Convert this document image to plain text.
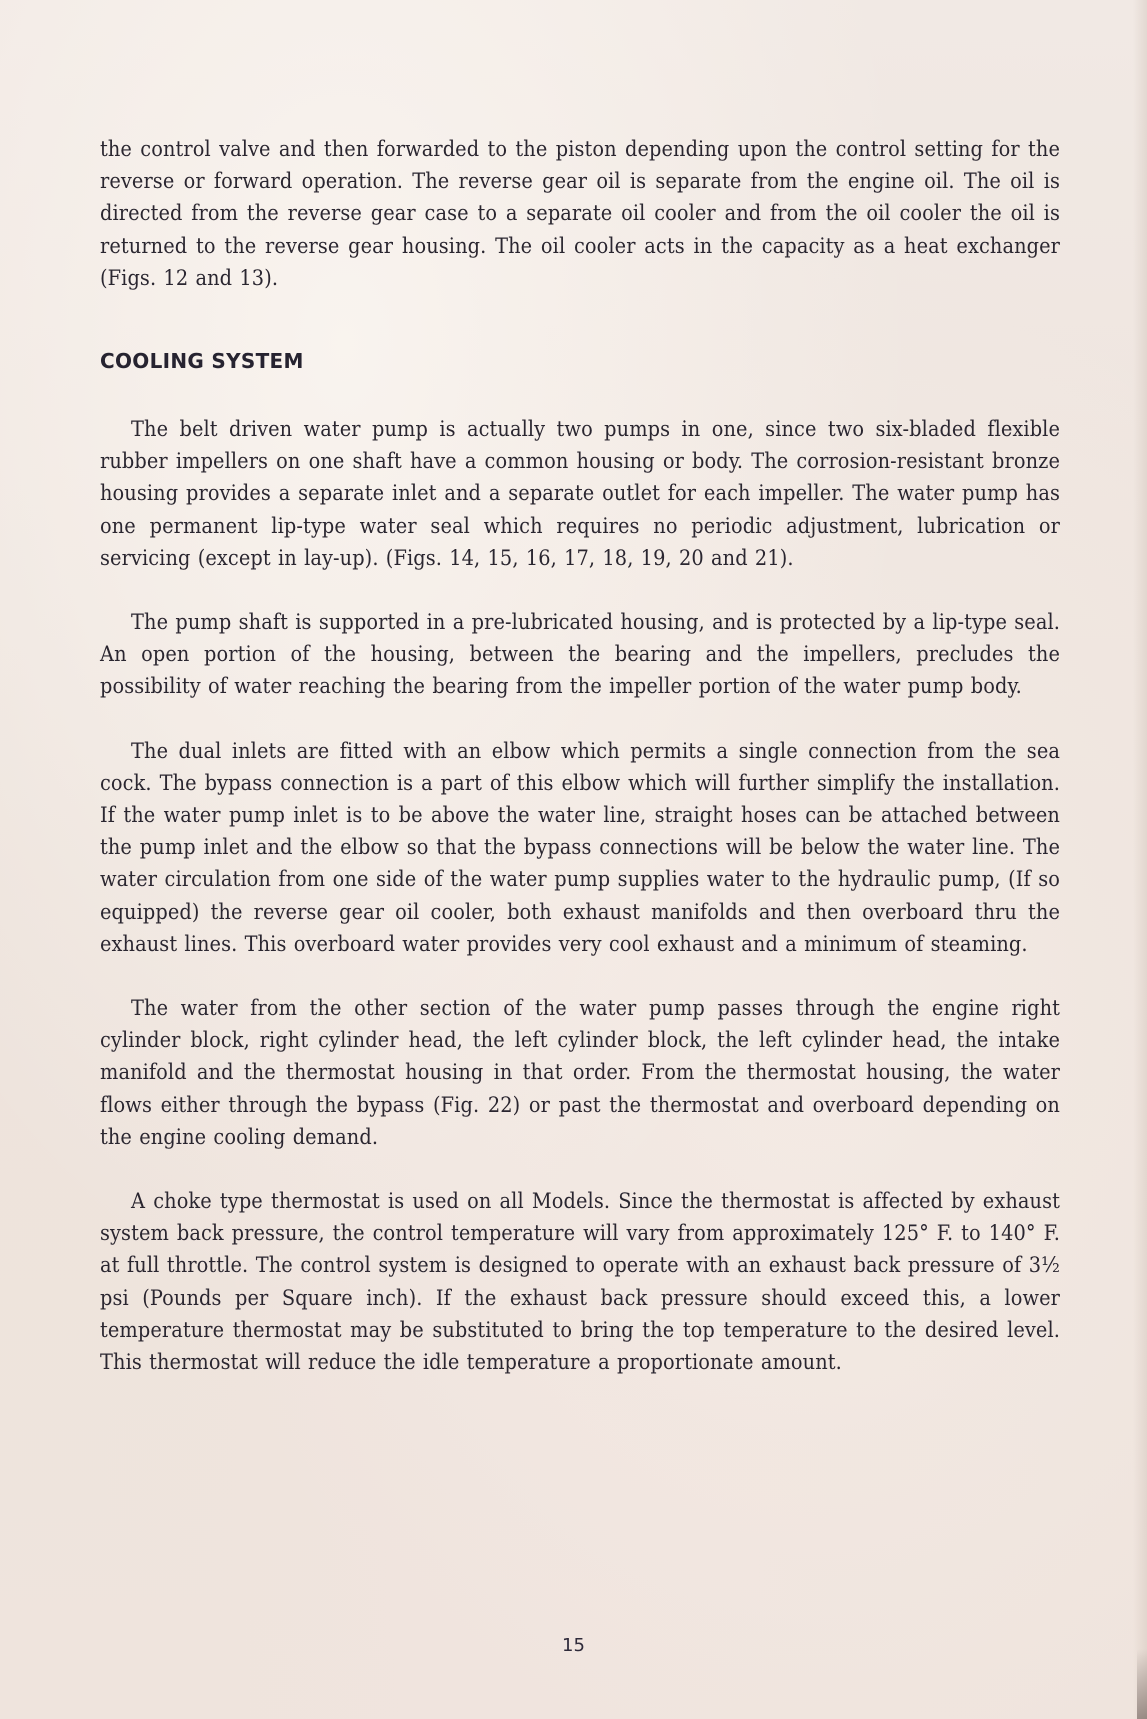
the control valve and then forwarded to the piston depending upon the control setting for the reverse or forward operation. The reverse gear oil is separate from the engine oil. The oil is directed from the reverse gear case to a separate oil cooler and from the oil cooler the oil is returned to the reverse gear housing. The oil cooler acts in the capacity as a heat exchanger (Figs. 12 and 13).

COOLING SYSTEM

The belt driven water pump is actually two pumps in one, since two six-bladed flexible rubber impellers on one shaft have a common housing or body. The corrosion-resistant bronze housing provides a separate inlet and a separate outlet for each impeller. The water pump has one permanent lip-type water seal which requires no periodic adjustment, lubrication or servicing (except in lay-up). (Figs. 14, 15, 16, 17, 18, 19, 20 and 21).

The pump shaft is supported in a pre-lubricated housing, and is protected by a lip-type seal. An open portion of the housing, between the bearing and the impellers, precludes the possibility of water reaching the bearing from the impeller portion of the water pump body.

The dual inlets are fitted with an elbow which permits a single connection from the sea cock. The bypass connection is a part of this elbow which will further simplify the installation. If the water pump inlet is to be above the water line, straight hoses can be attached between the pump inlet and the elbow so that the bypass connections will be below the water line. The water circulation from one side of the water pump supplies water to the hydraulic pump, (If so equipped) the reverse gear oil cooler, both exhaust manifolds and then overboard thru the exhaust lines. This overboard water provides very cool exhaust and a minimum of steaming.

The water from the other section of the water pump passes through the engine right cylinder block, right cylinder head, the left cylinder block, the left cylinder head, the intake manifold and the thermostat housing in that order. From the thermostat housing, the water flows either through the bypass (Fig. 22) or past the thermostat and overboard depending on the engine cooling demand.

A choke type thermostat is used on all Models. Since the thermostat is affected by exhaust system back pressure, the control temperature will vary from approximately 125° F. to 140° F. at full throttle. The control system is designed to operate with an exhaust back pressure of 3½ psi (Pounds per Square inch). If the exhaust back pressure should exceed this, a lower temperature thermostat may be substituted to bring the top temperature to the desired level. This thermostat will reduce the idle temperature a proportionate amount.

15
